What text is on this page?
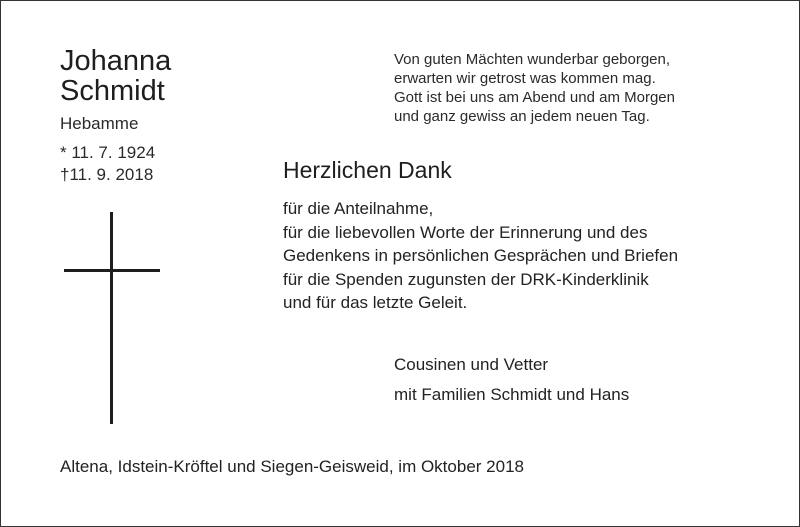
Johanna
Schmidt
Hebamme
* 11. 7. 1924
†11. 9. 2018
Von guten Mächten wunderbar geborgen,
erwarten wir getrost was kommen mag.
Gott ist bei uns am Abend und am Morgen
und ganz gewiss an jedem neuen Tag.
Herzlichen Dank
für die Anteilnahme,
für die liebevollen Worte der Erinnerung und des
Gedenkens in persönlichen Gesprächen und Briefen
für die Spenden zugunsten der DRK-Kinderklinik
und für das letzte Geleit.
Cousinen und Vetter
mit Familien Schmidt und Hans
Altena, Idstein-Kröftel und Siegen-Geisweid, im Oktober 2018
